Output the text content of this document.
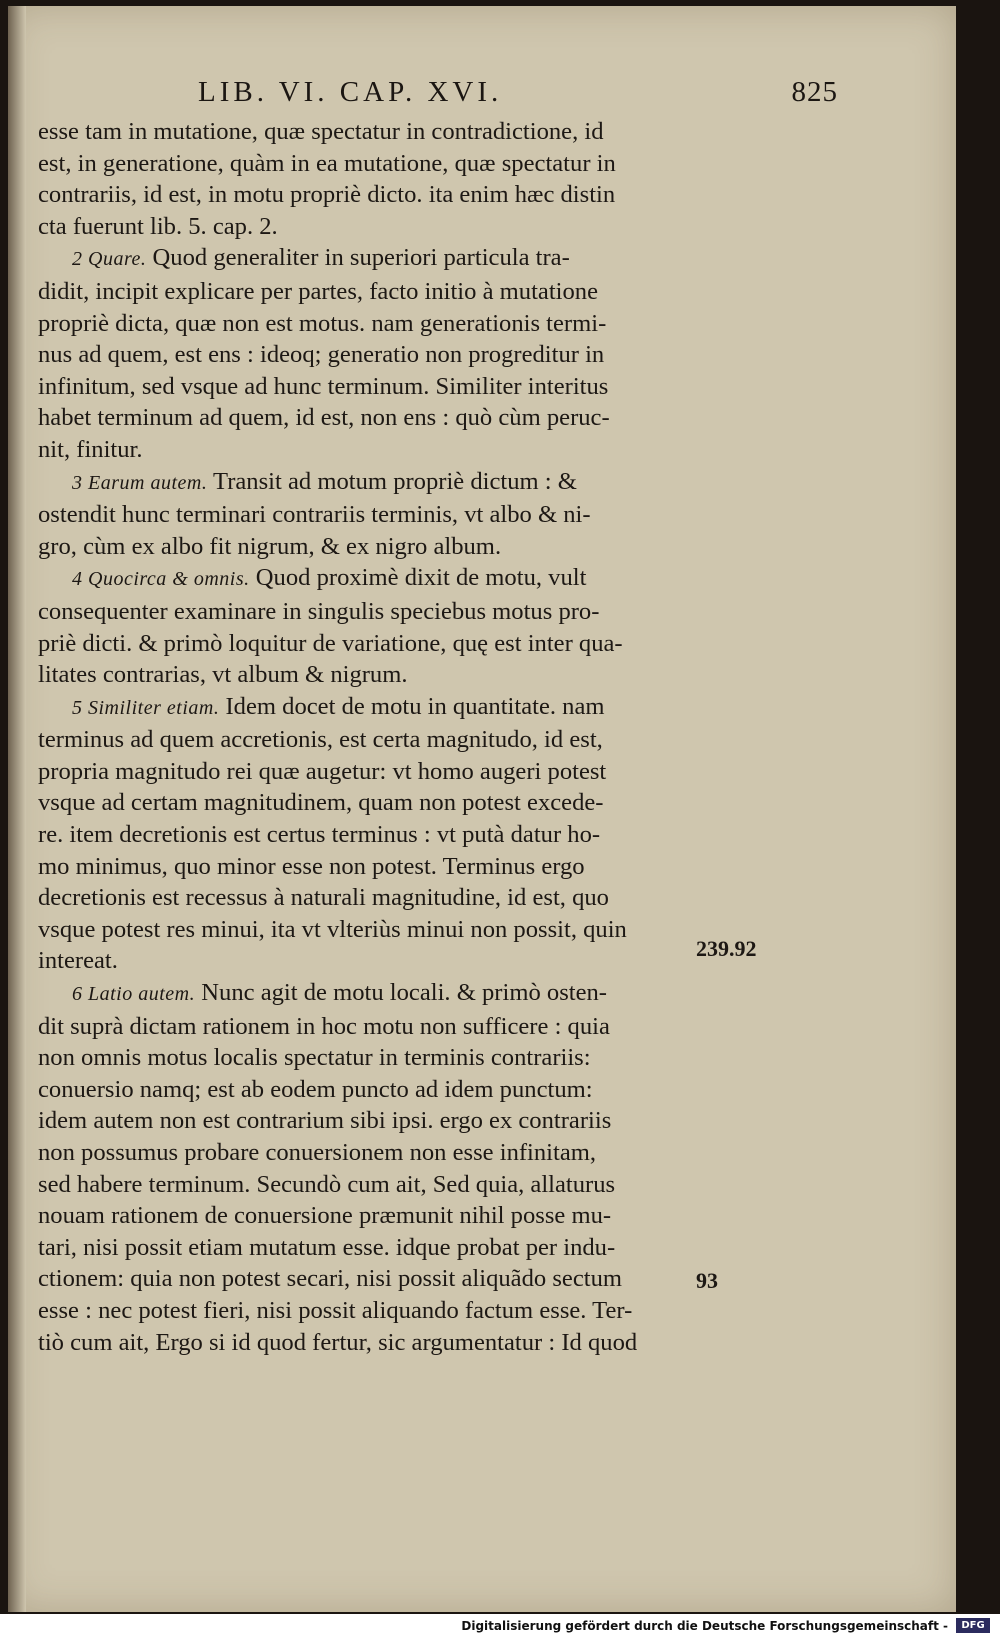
LIB. VI. CAP. XVI.	825
esse tam in mutatione, quæ spectatur in contradictione, id
est, in generatione, quàm in ea mutatione, quæ spectatur in
contrariis, id est, in motu propriè dicto. ita enim hæc distin
cta fuerunt lib. 5. cap. 2.
2 Quare. Quod generaliter in superiori particula tra-
didit, incipit explicare per partes, facto initio à mutatione
propriè dicta, quæ non est motus. nam generationis termi-
nus ad quem, est ens : ideoq; generatio non progreditur in
infinitum, sed vsque ad hunc terminum. Similiter interitus
habet terminum ad quem, id est, non ens : quò cùm peruc-
nit, finitur.
3 Earum autem. Transit ad motum propriè dictum : &
ostendit hunc terminari contrariis terminis, vt albo & ni-
gro, cùm ex albo fit nigrum, & ex nigro album.
4 Quocirca & omnis. Quod proximè dixit de motu, vult
consequenter examinare in singulis speciebus motus pro-
priè dicti. & primò loquitur de variatione, quę est inter qua-
litates contrarias, vt album & nigrum.
5 Similiter etiam. Idem docet de motu in quantitate. nam
terminus ad quem accretionis, est certa magnitudo, id est,
propria magnitudo rei quæ augetur: vt homo augeri potest
vsque ad certam magnitudinem, quam non potest excede-
re. item decretionis est certus terminus : vt putà datur ho-
mo minimus, quo minor esse non potest. Terminus ergo
decretionis est recessus à naturali magnitudine, id est, quo
vsque potest res minui, ita vt vlteriùs minui non possit, quin
intereat.
6 Latio autem. Nunc agit de motu locali. & primò osten-
dit suprà dictam rationem in hoc motu non sufficere : quia
non omnis motus localis spectatur in terminis contrariis:
conuersio namq; est ab eodem puncto ad idem punctum:
idem autem non est contrarium sibi ipsi. ergo ex contrariis
non possumus probare conuersionem non esse infinitam,
sed habere terminum. Secundò cum ait, Sed quia, allaturus
nouam rationem de conuersione præmunit nihil posse mu-
tari, nisi possit etiam mutatum esse. idque probat per indu-
ctionem: quia non potest secari, nisi possit aliquãdo sectum
esse : nec potest fieri, nisi possit aliquando factum esse. Ter-
tiò cum ait, Ergo si id quod fertur, sic argumentatur : Id quod
239.92
93
Digitalisierung gefördert durch die Deutsche Forschungsgemeinschaft -	DFG
